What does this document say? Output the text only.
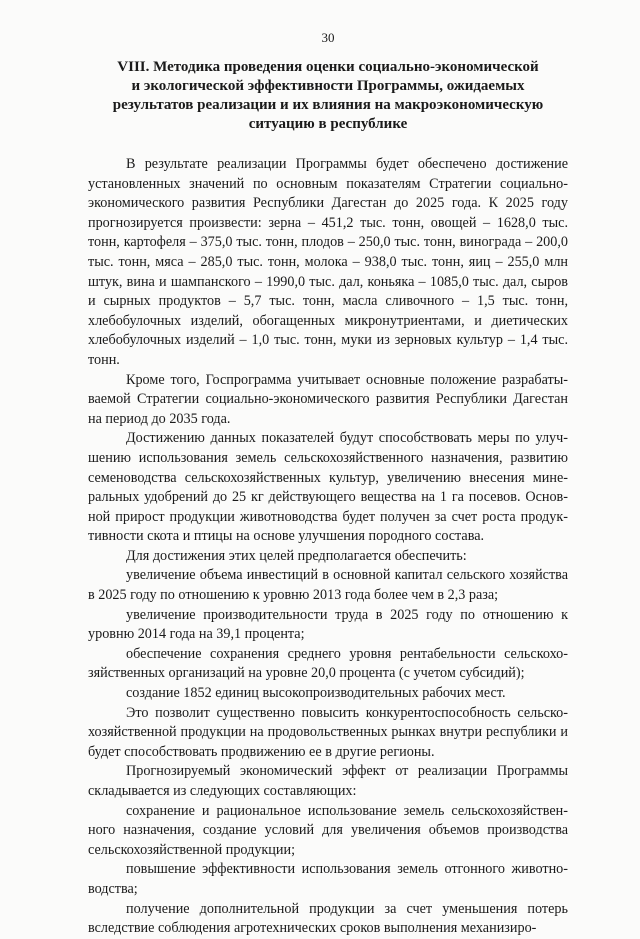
30
VIII. Методика проведения оценки социально-экономической
и экологической эффективности Программы, ожидаемых
результатов реализации и их влияния на макроэкономическую
ситуацию в республике

В результате реализации Программы будет обеспечено достижение установленных значений по основным показателям Стратегии социально-экономического развития Республики Дагестан до 2025 года. К 2025 году прогнозируется произвести: зерна – 451,2 тыс. тонн, овощей – 1628,0 тыс. тонн, картофеля – 375,0 тыс. тонн, плодов – 250,0 тыс. тонн, винограда – 200,0 тыс. тонн, мяса – 285,0 тыс. тонн, молока – 938,0 тыс. тонн, яиц – 255,0 млн штук, вина и шампанского – 1990,0 тыс. дал, коньяка – 1085,0 тыс. дал, сыров и сырных продуктов – 5,7 тыс. тонн, масла сливочного – 1,5 тыс. тонн, хлебобулочных изделий, обогащенных микронутриентами, и диетических хлебобулочных изделий – 1,0 тыс. тонн, муки из зерновых культур – 1,4 тыс. тонн.

Кроме того, Госпрограмма учитывает основные положение разрабатываемой Стратегии социально-экономического развития Республики Дагестан на период до 2035 года.

Достижению данных показателей будут способствовать меры по улучшению использования земель сельскохозяйственного назначения, развитию семеноводства сельскохозяйственных культур, увеличению внесения минеральных удобрений до 25 кг действующего вещества на 1 га посевов. Основной прирост продукции животноводства будет получен за счет роста продуктивности скота и птицы на основе улучшения породного состава.

Для достижения этих целей предполагается обеспечить:

увеличение объема инвестиций в основной капитал сельского хозяйства в 2025 году по отношению к уровню 2013 года более чем в 2,3 раза;

увеличение производительности труда в 2025 году по отношению к уровню 2014 года на 39,1 процента;

обеспечение сохранения среднего уровня рентабельности сельскохозяйственных организаций на уровне 20,0 процента (с учетом субсидий);

создание 1852 единиц высокопроизводительных рабочих мест.

Это позволит существенно повысить конкурентоспособность сельскохозяйственной продукции на продовольственных рынках внутри республики и будет способствовать продвижению ее в другие регионы.

Прогнозируемый экономический эффект от реализации Программы складывается из следующих составляющих:

сохранение и рациональное использование земель сельскохозяйственного назначения, создание условий для увеличения объемов производства сельскохозяйственной продукции;

повышение эффективности использования земель отгонного животноводства;

получение дополнительной продукции за счет уменьшения потерь вследствие соблюдения агротехнических сроков выполнения механизиро-
